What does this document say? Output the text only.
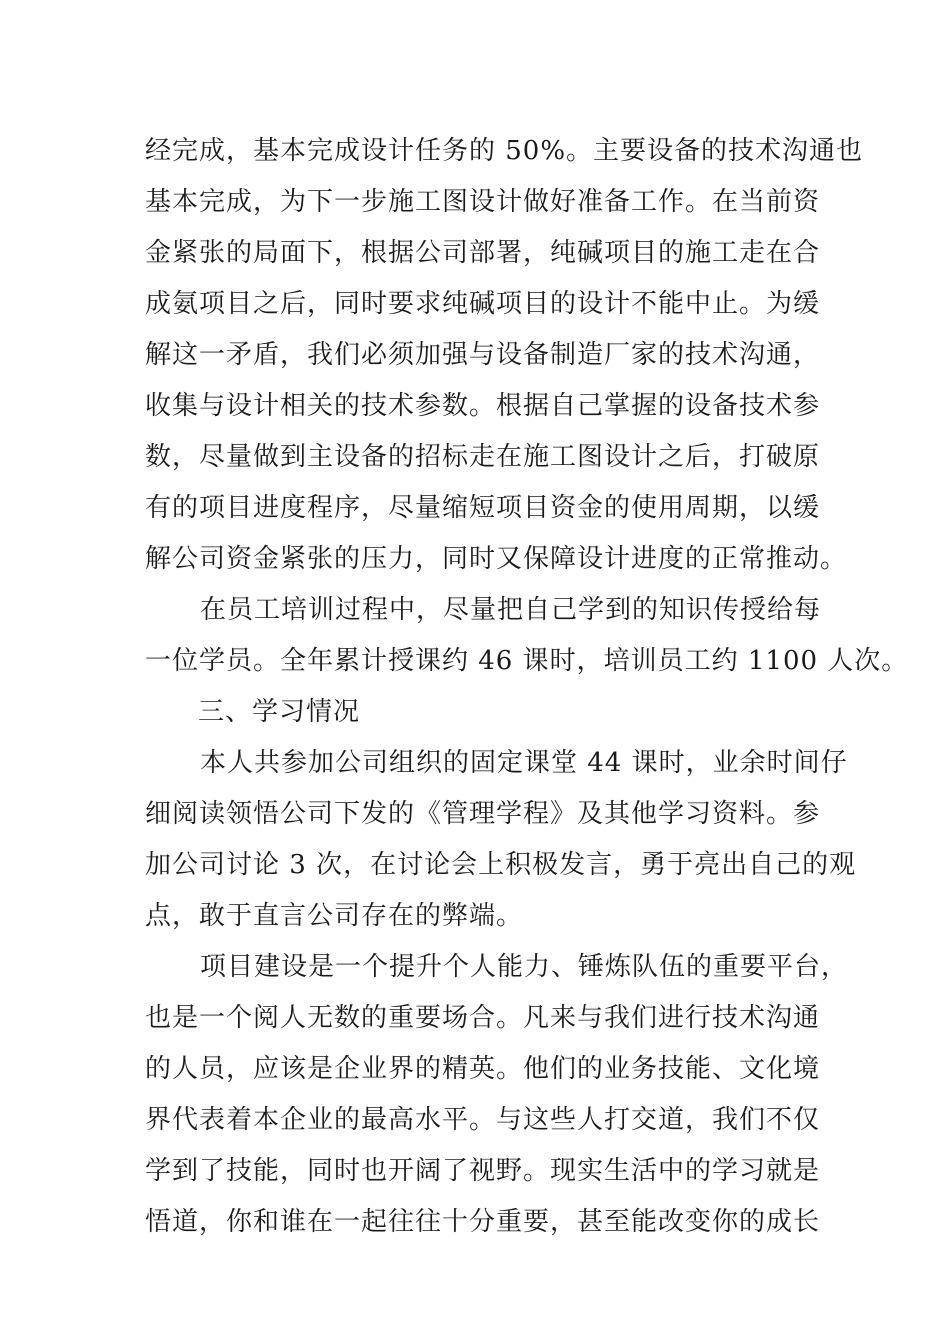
经完成，基本完成设计任务的 50%。主要设备的技术沟通也
基本完成，为下一步施工图设计做好准备工作。在当前资
金紧张的局面下，根据公司部署，纯碱项目的施工走在合
成氨项目之后，同时要求纯碱项目的设计不能中止。为缓
解这一矛盾，我们必须加强与设备制造厂家的技术沟通，
收集与设计相关的技术参数。根据自己掌握的设备技术参
数，尽量做到主设备的招标走在施工图设计之后，打破原
有的项目进度程序，尽量缩短项目资金的使用周期，以缓
解公司资金紧张的压力，同时又保障设计进度的正常推动。
在员工培训过程中，尽量把自己学到的知识传授给每
一位学员。全年累计授课约 46 课时，培训员工约 1100 人次。
三、学习情况
本人共参加公司组织的固定课堂 44 课时，业余时间仔
细阅读领悟公司下发的《管理学程》及其他学习资料。参
加公司讨论 3 次，在讨论会上积极发言，勇于亮出自己的观
点，敢于直言公司存在的弊端。
项目建设是一个提升个人能力、锤炼队伍的重要平台，
也是一个阅人无数的重要场合。凡来与我们进行技术沟通
的人员，应该是企业界的精英。他们的业务技能、文化境
界代表着本企业的最高水平。与这些人打交道，我们不仅
学到了技能，同时也开阔了视野。现实生活中的学习就是
悟道，你和谁在一起往往十分重要，甚至能改变你的成长
